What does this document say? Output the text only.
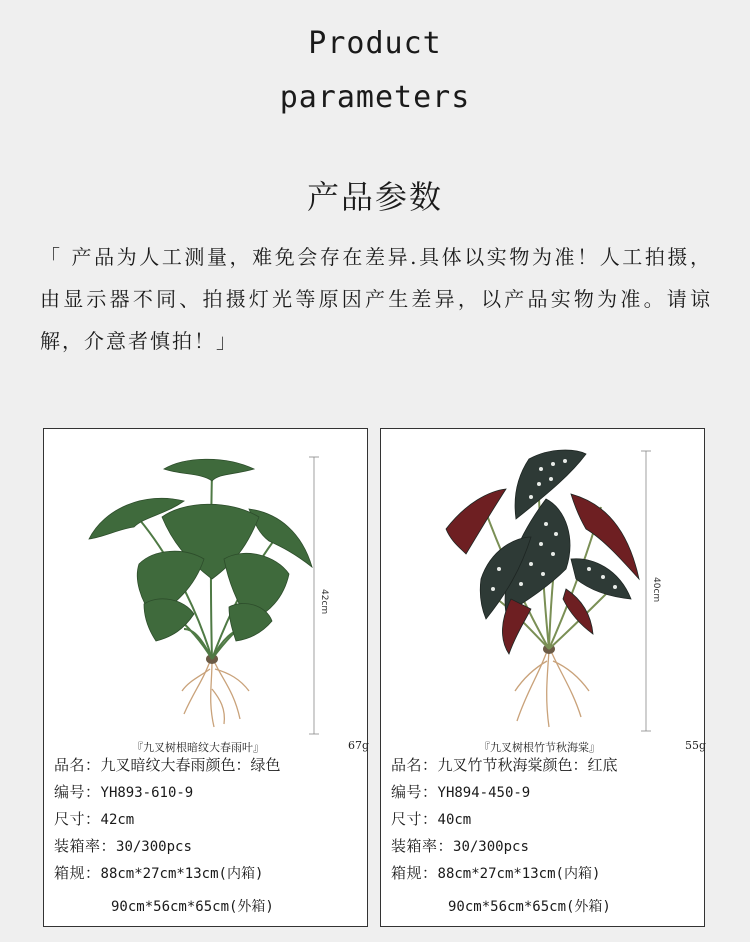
Product
parameters
产品参数
「 产品为人工测量，难免会存在差异.具体以实物为准！人工拍摄，由显示器不同、拍摄灯光等原因产生差异，以产品实物为准。请谅解，介意者慎拍！」
42cm
『九叉树根暗纹大春雨叶』	67g
品名：九叉暗纹大春雨颜色：绿色
编号：YH893-610-9
尺寸：42cm
装箱率：30/300pcs
箱规：88cm*27cm*13cm(内箱)
90cm*56cm*65cm(外箱)
40cm
『九叉树根竹节秋海棠』	55g
品名：九叉竹节秋海棠颜色：红底
编号：YH894-450-9
尺寸：40cm
装箱率：30/300pcs
箱规：88cm*27cm*13cm(内箱)
90cm*56cm*65cm(外箱)
